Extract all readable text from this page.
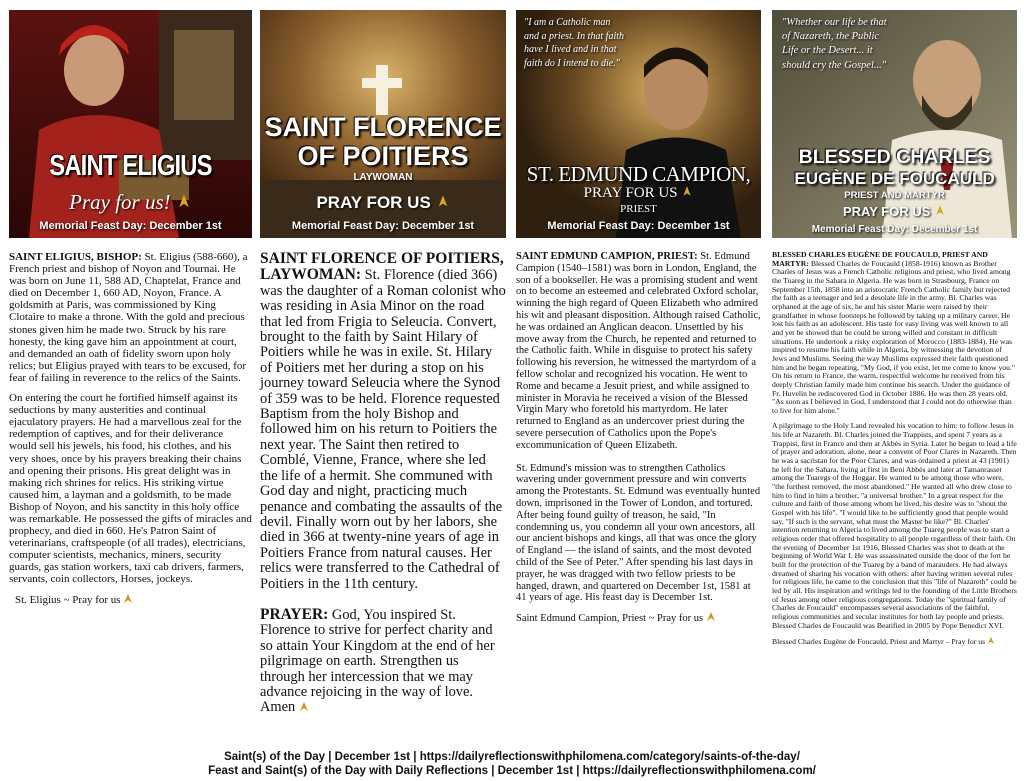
SAINT ELIGIUS
Pray for us!
Memorial Feast Day: December 1st

SAINT ELIGIUS, BISHOP: St. Eligius (588-660), a French priest and bishop of Noyon and Tournai. He was born on June 11, 588 AD, Chaptelat, France and died on December 1, 660 AD, Noyon, France. A goldsmith at Paris, was commissioned by King Clotaire to make a throne. With the gold and precious stones given him he made two. Struck by his rare honesty, the king gave him an appointment at court, and demanded an oath of fidelity sworn upon holy relics; but Eligius prayed with tears to be excused, for fear of failing in reverence to the relics of the Saints.

On entering the court he fortified himself against its seductions by many austerities and continual ejaculatory prayers. He had a marvellous zeal for the redemption of captives, and for their deliverance would sell his jewels, his food, his clothes, and his very shoes, once by his prayers breaking their chains and opening their prisons. His great delight was in making rich shrines for relics. His striking virtue caused him, a layman and a goldsmith, to be made Bishop of Noyon, and his sanctity in this holy office was remarkable. He possessed the gifts of miracles and prophecy, and died in 660. He's Patron Saint of veterinarians, craftspeople (of all trades), electricians, computer scientists, mechanics, miners, security guards, gas station workers, taxi cab drivers, farmers, servants, coin collectors, Horses, jockeys.

St. Eligius ~ Pray for us

SAINT FLORENCE
OF POITIERS
LAYWOMAN
PRAY FOR US
Memorial Feast Day: December 1st

SAINT FLORENCE OF POITIERS, LAYWOMAN: St. Florence (died 366) was the daughter of a Roman colonist who was residing in Asia Minor on the road that led from Frigia to Seleucia. Convert, brought to the faith by Saint Hilary of Poitiers while he was in exile. St. Hilary of Poitiers met her during a stop on his journey toward Seleucia where the Synod of 359 was to be held. Florence requested Baptism from the holy Bishop and followed him on his return to Poitiers the next year. The Saint then retired to Comblé, Vienne, France, where she led the life of a hermit. She communed with God day and night, practicing much penance and combating the assaults of the devil. Finally worn out by her labors, she died in 366 at twenty-nine years of age in Poitiers France from natural causes. Her relics were transferred to the Cathedral of Poitiers in the 11th century.

PRAYER: God, You inspired St. Florence to strive for perfect charity and so attain Your Kingdom at the end of her pilgrimage on earth. Strengthen us through her intercession that we may advance rejoicing in the way of love. Amen

"I am a Catholic man and a priest. In that faith have I lived and in that faith do I intend to die."
ST. EDMUND CAMPION,
PRAY FOR US
PRIEST
Memorial Feast Day: December 1st

SAINT EDMUND CAMPION, PRIEST: St. Edmund Campion (1540–1581) was born in London, England, the son of a bookseller. He was a promising student and went on to become an esteemed and celebrated Oxford scholar, winning the high regard of Queen Elizabeth who admired his wit and pleasant disposition. Although raised Catholic, he was ordained an Anglican deacon. Unsettled by his move away from the Church, he repented and returned to the Catholic faith. While in disguise to protect his safety following his reversion, he witnessed the martyrdom of a fellow scholar and recognized his vocation. He went to Rome and became a Jesuit priest, and while assigned to minister in Moravia he received a vision of the Blessed Virgin Mary who foretold his martyrdom. He later returned to England as an undercover priest during the severe persecution of Catholics upon the Pope's excommunication of Queen Elizabeth.

St. Edmund's mission was to strengthen Catholics wavering under government pressure and win converts among the Protestants. St. Edmund was eventually hunted down, imprisoned in the Tower of London, and tortured. After being found guilty of treason, he said, "In condemning us, you condemn all your own ancestors, all our ancient bishops and kings, all that was once the glory of England — the island of saints, and the most devoted child of the See of Peter." After spending his last days in prayer, he was dragged with two fellow priests to be hanged, drawn, and quartered on December 1st, 1581 at 41 years of age. His feast day is December 1st.

Saint Edmund Campion, Priest ~ Pray for us

"Whether our life be that of Nazareth, the Public Life or the Desert... it should cry the Gospel..."
BLESSED CHARLES
EUGÈNE DE FOUCAULD
PRIEST AND MARTYR
PRAY FOR US
Memorial Feast Day: December 1st

BLESSED CHARLES EUGÈNE DE FOUCAULD, PRIEST AND MARTYR: Blessed Charles de Foucauld (1858-1916) known as Brother Charles of Jesus was a French Catholic religious and priest, who lived among the Tuareg in the Sahara in Algeria. He was born in Strasbourg, France on September 15th, 1858 into an aristocratic French Catholic family but rejected the faith as a teenager and led a desolate life in the army. Bl. Charles was orphaned at the age of six, he and his sister Marie were raised by their grandfather in whose footsteps he followed by taking up a military career. He lost his faith as an adolescent. His taste for easy living was well known to all and yet he showed that he could be strong willed and constant in difficult situations. He undertook a risky exploration of Morocco (1883-1884). He was inspired to resume his faith while in Algeria, by witnessing the devotion of Jews and Muslims. Seeing the way Muslims expressed their faith questioned him and he began repeating, "My God, if you exist, let me come to know you." On his return to France, the warm, respectful welcome he received from his deeply Christian family made him continue his search. Under the guidance of Fr. Huvelin he rediscovered God in October 1886. He was then 28 years old. "As soon as I believed in God, I understood that I could not do otherwise than to live for him alone."

A pilgrimage to the Holy Land revealed his vocation to him: to follow Jesus in his life at Nazareth. Bl. Charles joined the Trappists, and spent 7 years as a Trappist, first in France and then at Akbès in Syria. Later he began to lead a life of prayer and adoration, alone, near a convent of Poor Clares in Nazareth. Then he was a sacristan for the Poor Clares, and was ordained a priest at 43 (1901) he left for the Sahara, living at first in Beni Abbès and later at Tamanrasset among the Tuaregs of the Hoggar. He wanted to be among those who were, "the furthest removed, the most abandoned." He wanted all who drew close to him to find in him a brother, "a universal brother." In a great respect for the culture and faith of those among whom he lived, his desire was to "shout the Gospel with his life". "I would like to be sufficiently good that people would say, "If such is the servant, what must the Master be like?" Bl. Charles' intention returning to Algeria to lived among the Tuareg people was to start a religious order that offered hospitality to all people regardless of their faith. On the evening of December 1st 1916, Blessed Charles was shot to death at the beginning of World War I. He was assassinated outside the door of the fort he built for the protection of the Tuareg by a band of marauders. He had always dreamed of sharing his vocation with others: after having written several rules for religious life, he came to the conclusion that this "life of Nazareth" could be led by all. His inspiration and writings led to the founding of the Little Brothers of Jesus among other religious congregations. Today the "spiritual family of Charles de Foucauld" encompasses several associations of the faithful, religious communities and secular institutes for both lay people and priests. Blessed Charles de Foucauld was Beatified in 2005 by Pope Benedict XVI.

Blessed Charles Eugène de Foucauld, Priest and Martyr – Pray for us

Saint(s) of the Day | December 1st | https://dailyreflectionswithphilomena.com/category/saints-of-the-day/
Feast and Saint(s) of the Day with Daily Reflections | December 1st | https://dailyreflectionswithphilomena.com/
